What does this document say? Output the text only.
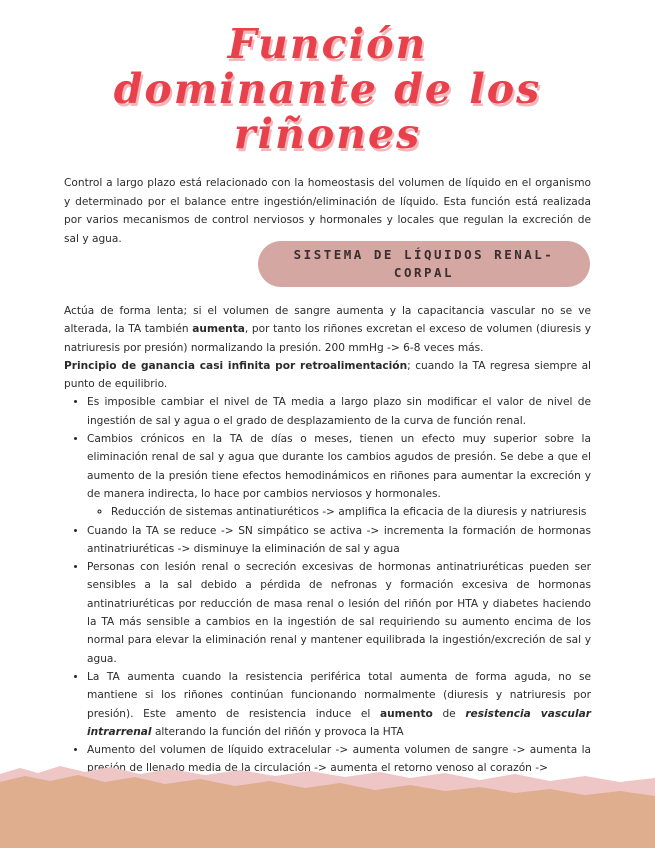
Función
dominante de los
riñones

Control a largo plazo está relacionado con la homeostasis del volumen de líquido en el organismo y determinado por el balance entre ingestión/eliminación de líquido. Esta función está realizada por varios mecanismos de control nerviosos y hormonales y locales que regulan la excreción de sal y agua.

SISTEMA DE LÍQUIDOS RENAL-CORPAL

Actúa de forma lenta; si el volumen de sangre aumenta y la capacitancia vascular no se ve alterada, la TA también aumenta, por tanto los riñones excretan el exceso de volumen (diuresis y natriuresis por presión) normalizando la presión. 200 mmHg -> 6-8 veces más.

Principio de ganancia casi infinita por retroalimentación; cuando la TA regresa siempre al punto de equilibrio.

• Es imposible cambiar el nivel de TA media a largo plazo sin modificar el valor de nivel de ingestión de sal y agua o el grado de desplazamiento de la curva de función renal.
• Cambios crónicos en la TA de días o meses, tienen un efecto muy superior sobre la eliminación renal de sal y agua que durante los cambios agudos de presión. Se debe a que el aumento de la presión tiene efectos hemodinámicos en riñones para aumentar la excreción y de manera indirecta, lo hace por cambios nerviosos y hormonales.
◦ Reducción de sistemas antinatiuréticos -> amplifica la eficacia de la diuresis y natriuresis
• Cuando la TA se reduce -> SN simpático se activa -> incrementa la formación de hormonas antinatriuréticas -> disminuye la eliminación de sal y agua
• Personas con lesión renal o secreción excesivas de hormonas antinatriuréticas pueden ser sensibles a la sal debido a pérdida de nefronas y formación excesiva de hormonas antinatriuréticas por reducción de masa renal o lesión del riñón por HTA y diabetes haciendo la TA más sensible a cambios en la ingestión de sal requiriendo su aumento encima de los normal para elevar la eliminación renal y mantener equilibrada la ingestión/excreción de sal y agua.
• La TA aumenta cuando la resistencia periférica total aumenta de forma aguda, no se mantiene si los riñones continúan funcionando normalmente (diuresis y natriuresis por presión). Este amento de resistencia induce el aumento de resistencia vascular intrarrenal alterando la función del riñón y provoca la HTA
• Aumento del volumen de líquido extracelular -> aumenta volumen de sangre -> aumenta la presión de llenado media de la circulación -> aumenta el retorno venoso al corazón ->
